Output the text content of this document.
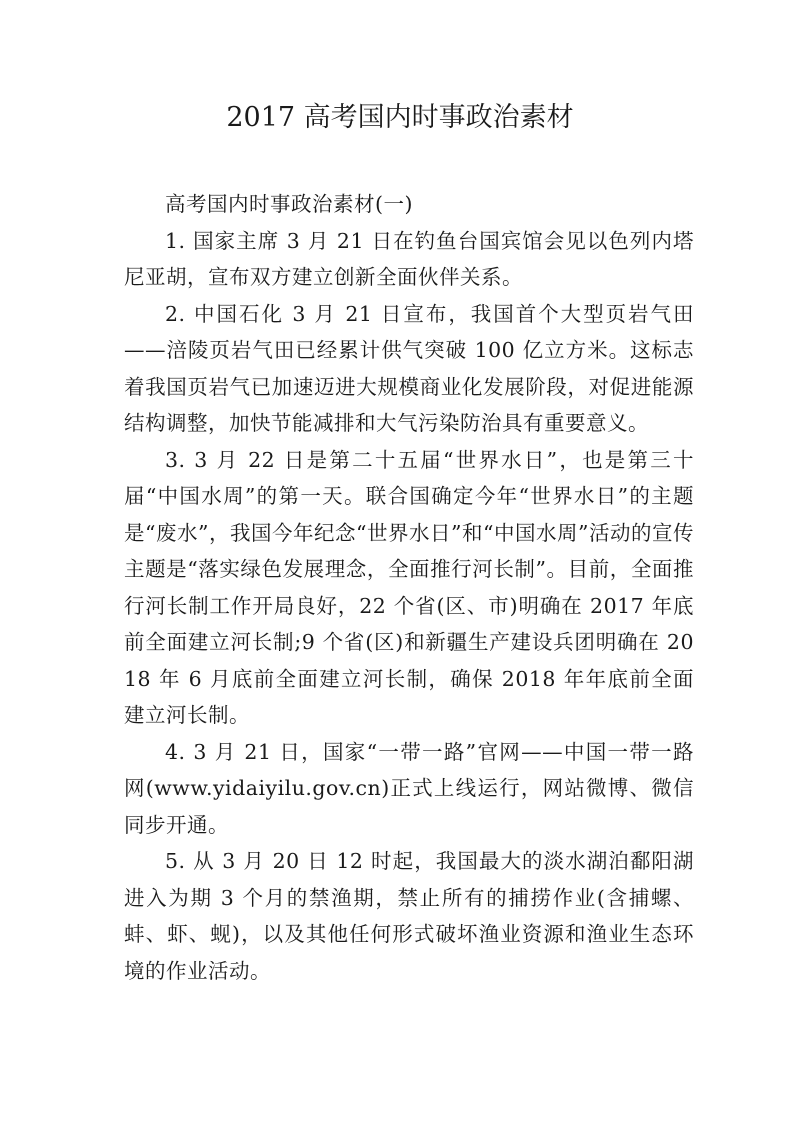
2017 高考国内时事政治素材

高考国内时事政治素材(一)

1. 国家主席 3 月 21 日在钓鱼台国宾馆会见以色列内塔尼亚胡，宣布双方建立创新全面伙伴关系。

2. 中国石化 3 月 21 日宣布，我国首个大型页岩气田——涪陵页岩气田已经累计供气突破 100 亿立方米。这标志着我国页岩气已加速迈进大规模商业化发展阶段，对促进能源结构调整，加快节能减排和大气污染防治具有重要意义。

3. 3 月 22 日是第二十五届“世界水日”，也是第三十届“中国水周”的第一天。联合国确定今年“世界水日”的主题是“废水”，我国今年纪念“世界水日”和“中国水周”活动的宣传主题是“落实绿色发展理念，全面推行河长制”。目前，全面推行河长制工作开局良好，22 个省(区、市)明确在 2017 年底前全面建立河长制;9 个省(区)和新疆生产建设兵团明确在 2018 年 6 月底前全面建立河长制，确保 2018 年年底前全面建立河长制。

4. 3 月 21 日，国家“一带一路”官网——中国一带一路网(www.yidaiyilu.gov.cn)正式上线运行，网站微博、微信同步开通。

5. 从 3 月 20 日 12 时起，我国最大的淡水湖泊鄱阳湖进入为期 3 个月的禁渔期，禁止所有的捕捞作业(含捕螺、蚌、虾、蚬)，以及其他任何形式破坏渔业资源和渔业生态环境的作业活动。
